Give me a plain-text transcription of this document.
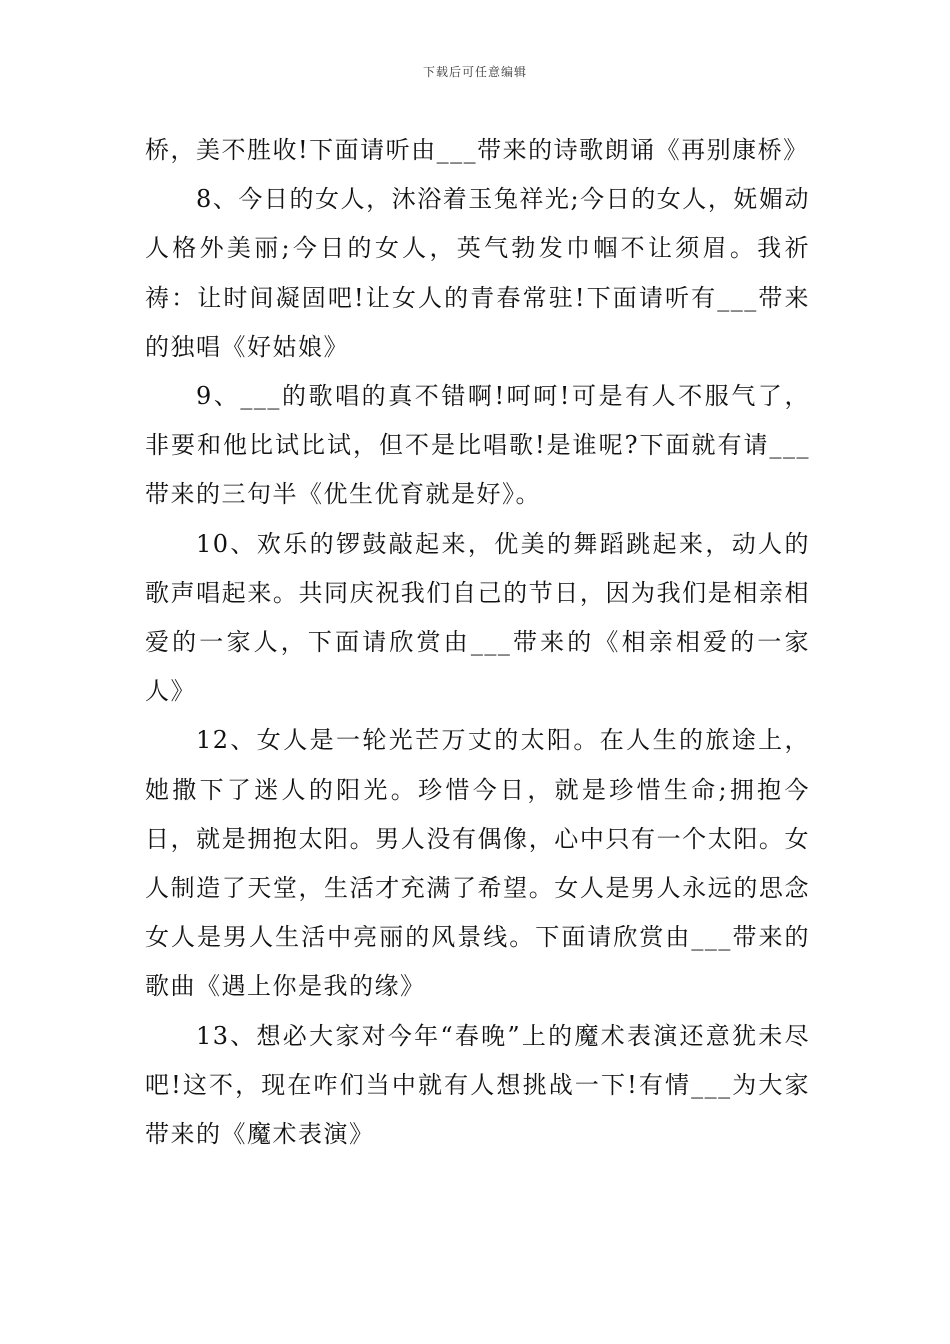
下载后可任意编辑

桥，美不胜收!下面请听由___带来的诗歌朗诵《再别康桥》

8、今日的女人，沐浴着玉兔祥光;今日的女人，妩媚动人格外美丽;今日的女人，英气勃发巾帼不让须眉。我祈祷：让时间凝固吧!让女人的青春常驻!下面请听有___带来的独唱《好姑娘》

9、___的歌唱的真不错啊!呵呵!可是有人不服气了，非要和他比试比试，但不是比唱歌!是谁呢?下面就有请___带来的三句半《优生优育就是好》。

10、欢乐的锣鼓敲起来，优美的舞蹈跳起来，动人的歌声唱起来。共同庆祝我们自己的节日，因为我们是相亲相爱的一家人，下面请欣赏由___带来的《相亲相爱的一家人》

12、女人是一轮光芒万丈的太阳。在人生的旅途上，她撒下了迷人的阳光。珍惜今日，就是珍惜生命;拥抱今日，就是拥抱太阳。男人没有偶像，心中只有一个太阳。女人制造了天堂，生活才充满了希望。女人是男人永远的思念女人是男人生活中亮丽的风景线。下面请欣赏由___带来的歌曲《遇上你是我的缘》

13、想必大家对今年“春晚”上的魔术表演还意犹未尽吧!这不，现在咋们当中就有人想挑战一下!有情___为大家带来的《魔术表演》
